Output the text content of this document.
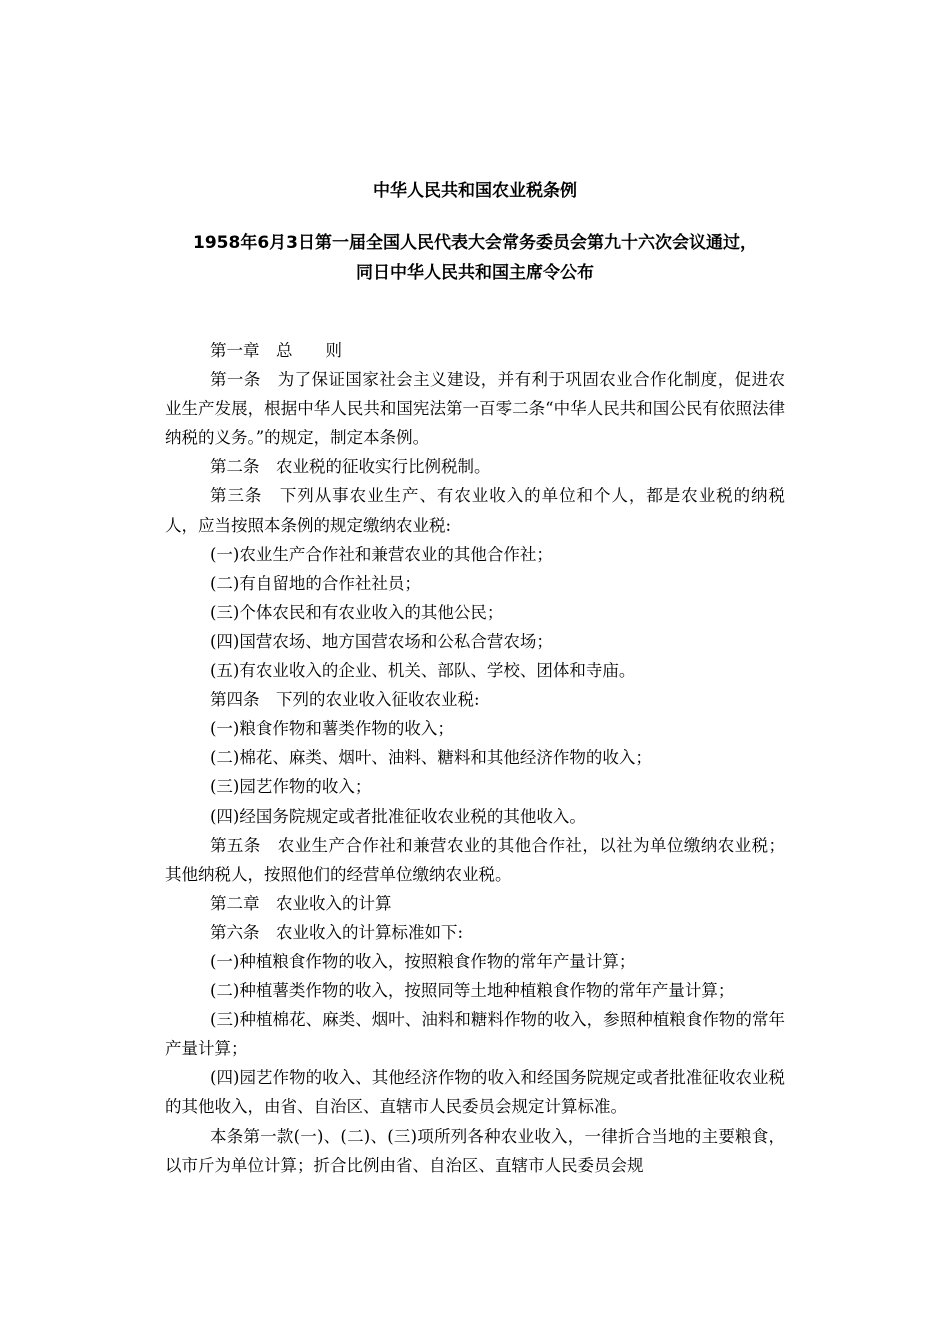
中华人民共和国农业税条例
1958年6月3日第一届全国人民代表大会常务委员会第九十六次会议通过，
同日中华人民共和国主席令公布

第一章　总　　则

第一条　为了保证国家社会主义建设，并有利于巩固农业合作化制度，促进农业生产发展，根据中华人民共和国宪法第一百零二条“中华人民共和国公民有依照法律纳税的义务。”的规定，制定本条例。

第二条　农业税的征收实行比例税制。

第三条　下列从事农业生产、有农业收入的单位和个人，都是农业税的纳税人，应当按照本条例的规定缴纳农业税:

(一)农业生产合作社和兼营农业的其他合作社；

(二)有自留地的合作社社员；

(三)个体农民和有农业收入的其他公民；

(四)国营农场、地方国营农场和公私合营农场；

(五)有农业收入的企业、机关、部队、学校、团体和寺庙。

第四条　下列的农业收入征收农业税:

(一)粮食作物和薯类作物的收入；

(二)棉花、麻类、烟叶、油料、糖料和其他经济作物的收入；

(三)园艺作物的收入；

(四)经国务院规定或者批准征收农业税的其他收入。

第五条　农业生产合作社和兼营农业的其他合作社，以社为单位缴纳农业税；其他纳税人，按照他们的经营单位缴纳农业税。

第二章　农业收入的计算

第六条　农业收入的计算标准如下:

(一)种植粮食作物的收入，按照粮食作物的常年产量计算；

(二)种植薯类作物的收入，按照同等土地种植粮食作物的常年产量计算；

(三)种植棉花、麻类、烟叶、油料和糖料作物的收入，参照种植粮食作物的常年产量计算；

(四)园艺作物的收入、其他经济作物的收入和经国务院规定或者批准征收农业税的其他收入，由省、自治区、直辖市人民委员会规定计算标准。

本条第一款(一)、(二)、(三)项所列各种农业收入，一律折合当地的主要粮食，以市斤为单位计算；折合比例由省、自治区、直辖市人民委员会规
